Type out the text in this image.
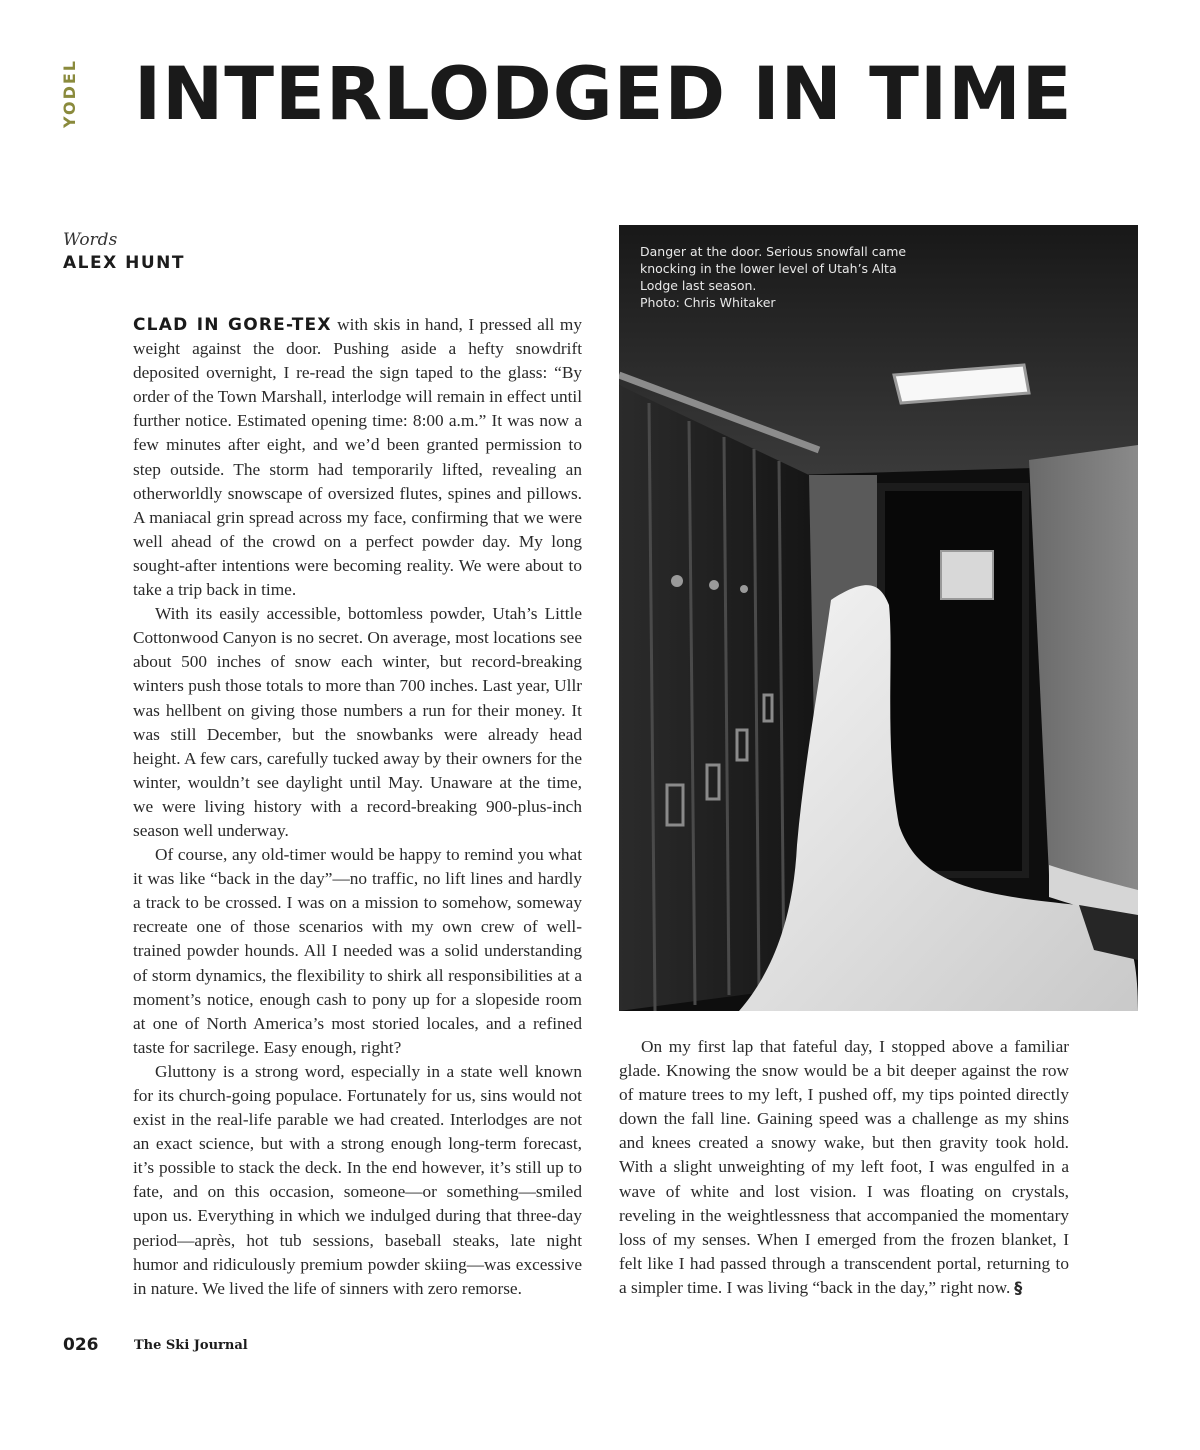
YODEL INTERLODGED IN TIME
Words
ALEX HUNT

CLAD IN GORE-TEX with skis in hand, I pressed all my weight against the door. Pushing aside a hefty snowdrift deposited overnight, I re-read the sign taped to the glass: “By order of the Town Marshall, interlodge will remain in effect until further notice. Estimated opening time: 8:00 a.m.” It was now a few minutes after eight, and we’d been granted permission to step outside. The storm had temporarily lifted, revealing an otherworldly snowscape of oversized flutes, spines and pillows. A maniacal grin spread across my face, confirming that we were well ahead of the crowd on a perfect powder day. My long sought-after intentions were becoming reality. We were about to take a trip back in time.

With its easily accessible, bottomless powder, Utah’s Little Cottonwood Canyon is no secret. On average, most locations see about 500 inches of snow each winter, but record-breaking winters push those totals to more than 700 inches. Last year, Ullr was hellbent on giving those numbers a run for their money. It was still December, but the snowbanks were already head height. A few cars, carefully tucked away by their owners for the winter, wouldn’t see daylight until May. Unaware at the time, we were living history with a record-breaking 900-plus-inch season well underway.

Of course, any old-timer would be happy to remind you what it was like “back in the day”—no traffic, no lift lines and hardly a track to be crossed. I was on a mission to somehow, someway recreate one of those scenarios with my own crew of well-trained powder hounds. All I needed was a solid understanding of storm dynamics, the flexibility to shirk all responsibilities at a moment’s notice, enough cash to pony up for a slopeside room at one of North America’s most storied locales, and a refined taste for sacrilege. Easy enough, right?

Gluttony is a strong word, especially in a state well known for its church-going populace. Fortunately for us, sins would not exist in the real-life parable we had created. Interlodges are not an exact science, but with a strong enough long-term forecast, it’s possible to stack the deck. In the end however, it’s still up to fate, and on this occasion, someone—or something—smiled upon us. Everything in which we indulged during that three-day period—après, hot tub sessions, baseball steaks, late night humor and ridiculously premium powder skiing—was excessive in nature. We lived the life of sinners with zero remorse.

Danger at the door. Serious snowfall came
knocking in the lower level of Utah’s Alta
Lodge last season.
Photo: Chris Whitaker

On my first lap that fateful day, I stopped above a familiar glade. Knowing the snow would be a bit deeper against the row of mature trees to my left, I pushed off, my tips pointed directly down the fall line. Gaining speed was a challenge as my shins and knees created a snowy wake, but then gravity took hold. With a slight unweighting of my left foot, I was engulfed in a wave of white and lost vision. I was floating on crystals, reveling in the weightlessness that accompanied the momentary loss of my senses. When I emerged from the frozen blanket, I felt like I had passed through a transcendent portal, returning to a simpler time. I was living “back in the day,” right now. §

026	The Ski Journal
